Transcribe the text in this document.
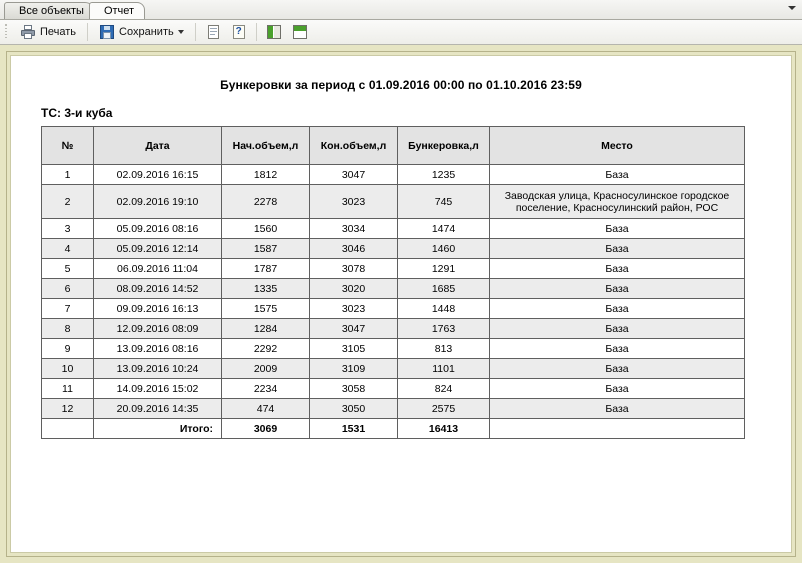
Все объекты	Отчет
Печать	Сохранить	?
Бункеровки за период с 01.09.2016 00:00 по 01.10.2016 23:59
ТС: 3-и куба
№	Дата	Нач.объем,л	Кон.объем,л	Бункеровка,л	Место
1	02.09.2016 16:15	1812	3047	1235	База
2	02.09.2016 19:10	2278	3023	745	Заводская улица, Красносулинское городское поселение, Красносулинский район, РОС
3	05.09.2016 08:16	1560	3034	1474	База
4	05.09.2016 12:14	1587	3046	1460	База
5	06.09.2016 11:04	1787	3078	1291	База
6	08.09.2016 14:52	1335	3020	1685	База
7	09.09.2016 16:13	1575	3023	1448	База
8	12.09.2016 08:09	1284	3047	1763	База
9	13.09.2016 08:16	2292	3105	813	База
10	13.09.2016 10:24	2009	3109	1101	База
11	14.09.2016 15:02	2234	3058	824	База
12	20.09.2016 14:35	474	3050	2575	База
	Итого:	3069	1531	16413	
